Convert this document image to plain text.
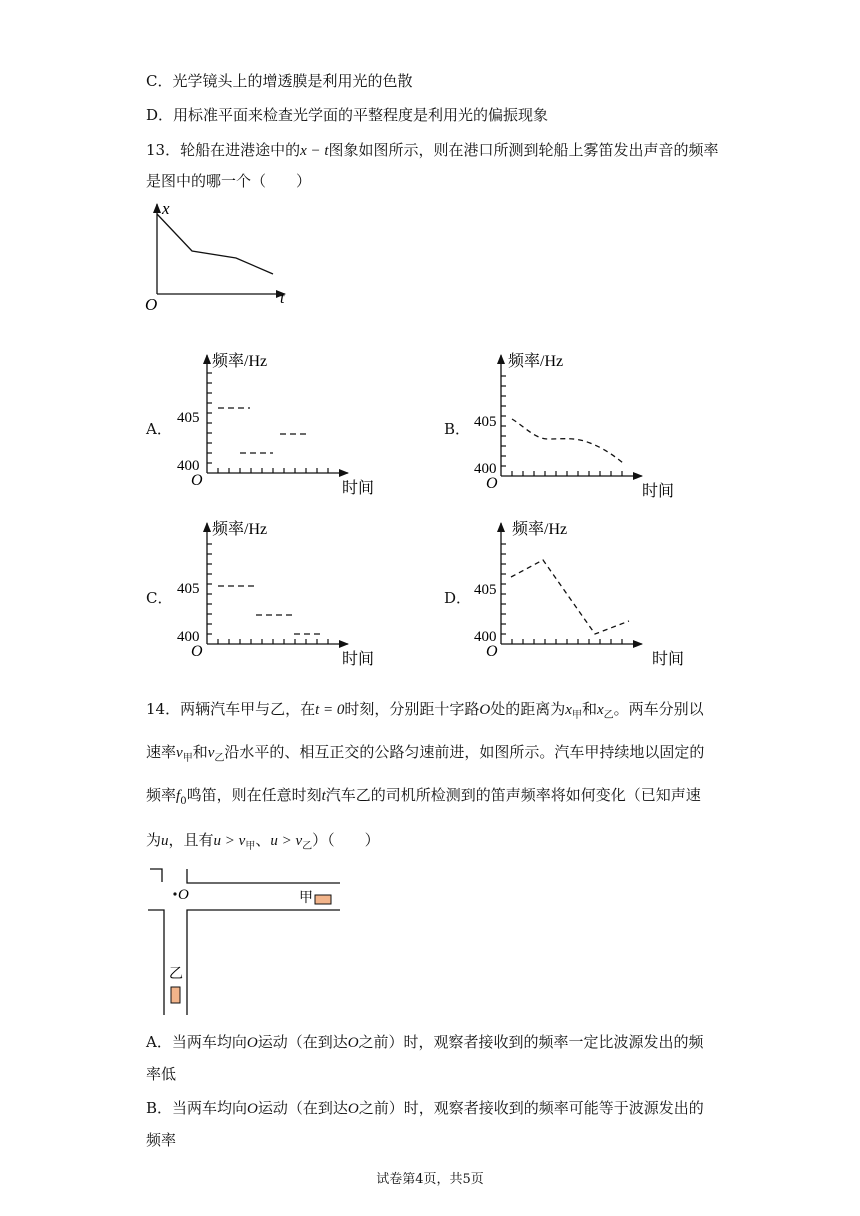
C．光学镜头上的增透膜是利用光的色散
D．用标准平面来检查光学面的平整程度是利用光的偏振现象
13．轮船在进港途中的x − t图象如图所示，则在港口所测到轮船上雾笛发出声音的频率
是图中的哪一个（　　）
x
t
O
A．
频率/Hz
405
400
O	时间
B．
频率/Hz
405
400
O	时间
C．
频率/Hz
405
400
O	时间
D．
频率/Hz
405
400
O	时间
14．两辆汽车甲与乙，在t = 0时刻，分别距十字路O处的距离为$x_甲$和$x_乙$。两车分别以
速率$v_甲$和$v_乙$沿水平的、相互正交的公路匀速前进，如图所示。汽车甲持续地以固定的
频率$f_0$鸣笛，则在任意时刻t汽车乙的司机所检测到的笛声频率将如何变化（已知声速
为u，且有$u > v_甲$、$u > v_乙$）（　　）
O	甲
乙
A．当两车均向O运动（在到达O之前）时，观察者接收到的频率一定比波源发出的频
率低
B．当两车均向O运动（在到达O之前）时，观察者接收到的频率可能等于波源发出的
频率
试卷第4页，共5页
